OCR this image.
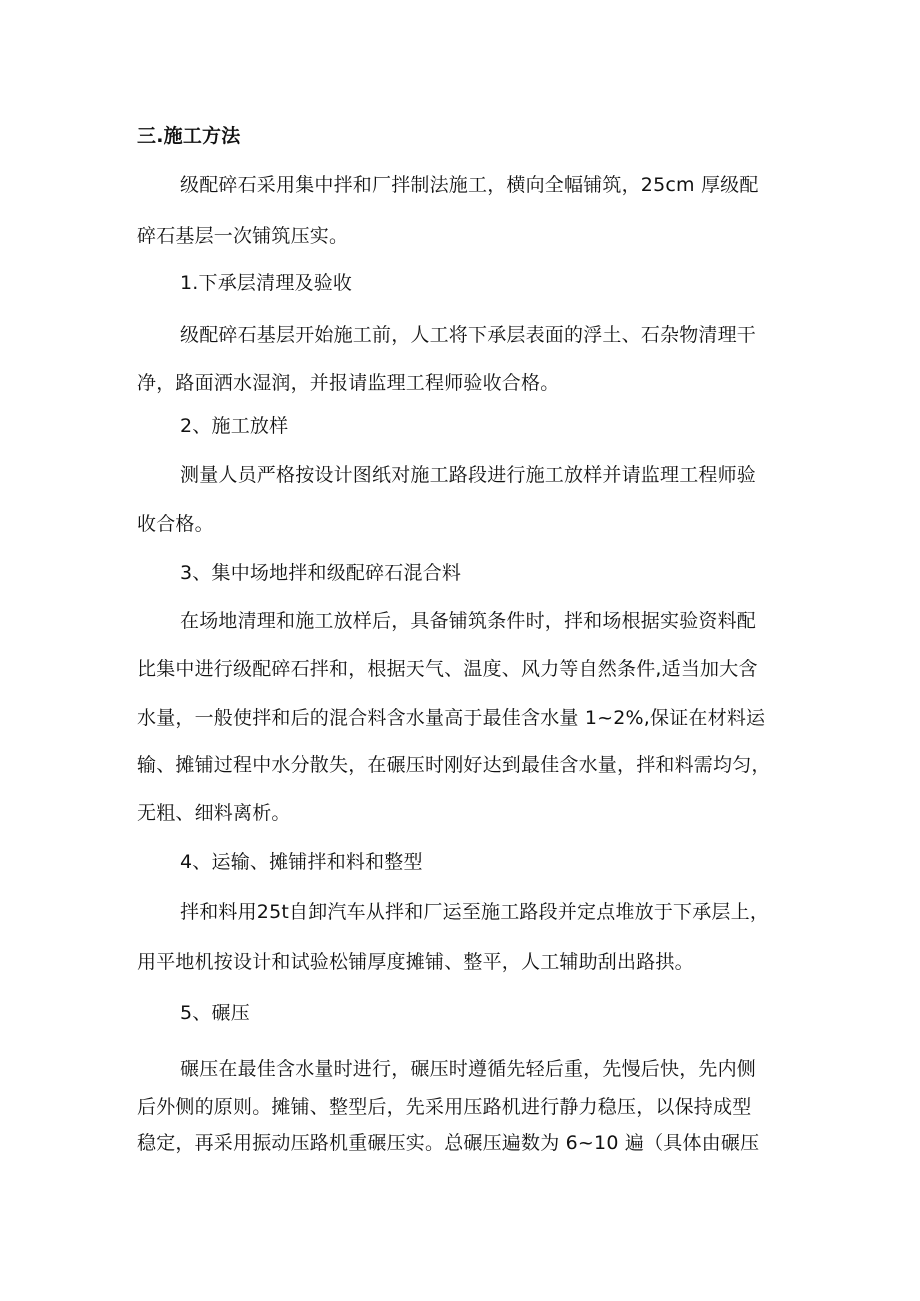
三.施工方法

级配碎石采用集中拌和厂拌制法施工，横向全幅铺筑，25cm 厚级配

碎石基层一次铺筑压实。

1.下承层清理及验收

级配碎石基层开始施工前，人工将下承层表面的浮土、石杂物清理干

净，路面洒水湿润，并报请监理工程师验收合格。

2、施工放样

测量人员严格按设计图纸对施工路段进行施工放样并请监理工程师验

收合格。

3、集中场地拌和级配碎石混合料

在场地清理和施工放样后，具备铺筑条件时，拌和场根据实验资料配

比集中进行级配碎石拌和，根据天气、温度、风力等自然条件,适当加大含

水量，一般使拌和后的混合料含水量高于最佳含水量 1~2%,保证在材料运

输、摊铺过程中水分散失，在碾压时刚好达到最佳含水量，拌和料需均匀，

无粗、细料离析。

4、运输、摊铺拌和料和整型

拌和料用25t自卸汽车从拌和厂运至施工路段并定点堆放于下承层上，

用平地机按设计和试验松铺厚度摊铺、整平，人工辅助刮出路拱。

5、碾压

碾压在最佳含水量时进行，碾压时遵循先轻后重，先慢后快，先内侧

后外侧的原则。摊铺、整型后，先采用压路机进行静力稳压，以保持成型

稳定，再采用振动压路机重碾压实。总碾压遍数为 6~10 遍（具体由碾压
